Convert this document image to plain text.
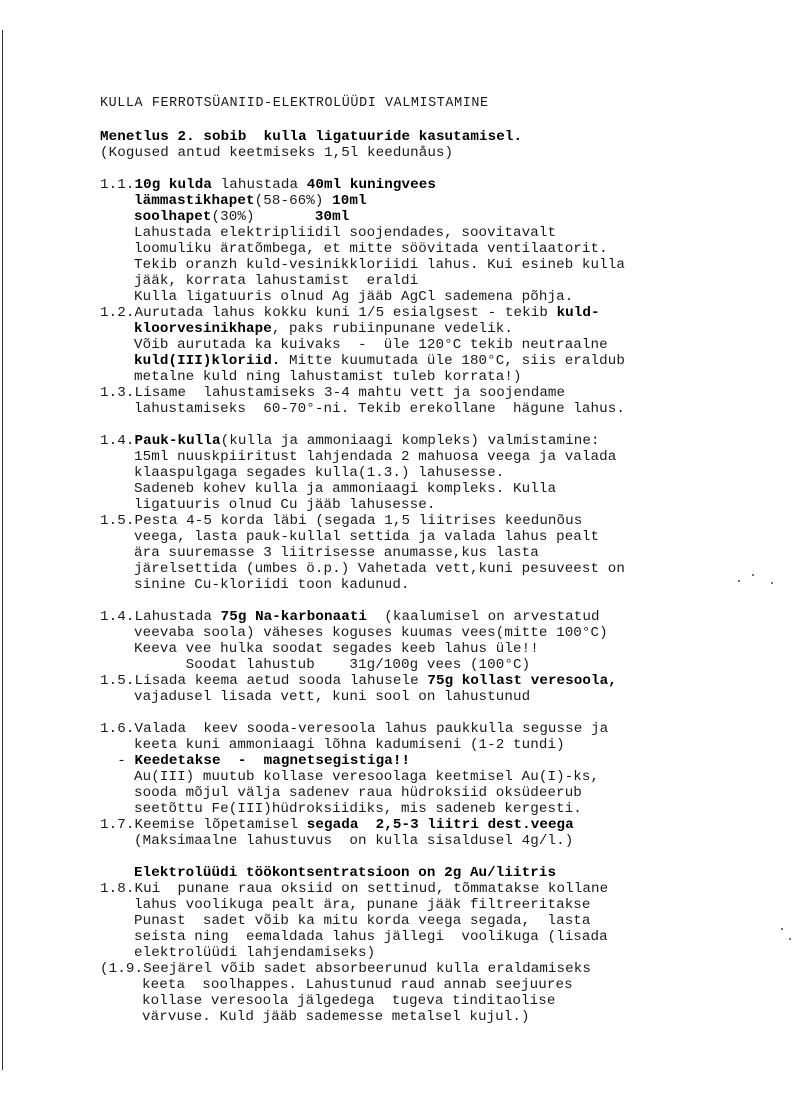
KULLA FERROTSÜANIID-ELEKTROLÜÜDI VALMISTAMINE
Menetlus 2. sobib  kulla ligatuuride kasutamisel.
(Kogused antud keetmiseks 1,5l keedunåus)
1.1.10g kulda lahustada 40ml kuningvees
lämmastikhapet(58-66%) 10ml
soolhapet(30%)       30ml
Lahustada elektripliidil soojendades, soovitavalt
loomuliku äratõmbega, et mitte söövitada ventilaatorit.
Tekib oranzh kuld-vesinikkloriidi lahus. Kui esineb kulla
jääk, korrata lahustamist  eraldi
Kulla ligatuuris olnud Ag jääb AgCl sademena põhja.
1.2.Aurutada lahus kokku kuni 1/5 esialgsest - tekib kuld-
kloorvesinikhape, paks rubiinpunane vedelik.
Võib aurutada ka kuivaks  -  üle 120°C tekib neutraalne
kuld(III)kloriid. Mitte kuumutada üle 180°C, siis eraldub
metalne kuld ning lahustamist tuleb korrata!)
1.3.Lisame  lahustamiseks 3-4 mahtu vett ja soojendame
lahustamiseks  60-70°-ni. Tekib erekollane  hägune lahus.
1.4.Pauk-kulla(kulla ja ammoniaagi kompleks) valmistamine:
15ml nuuskpiiritust lahjendada 2 mahuosa veega ja valada
klaaspulgaga segades kulla(1.3.) lahusesse.
Sadeneb kohev kulla ja ammoniaagi kompleks. Kulla
ligatuuris olnud Cu jääb lahusesse.
1.5.Pesta 4-5 korda läbi (segada 1,5 liitrises keedunõus
veega, lasta pauk-kullal settida ja valada lahus pealt
ära suuremasse 3 liitrisesse anumasse,kus lasta
järelsettida (umbes ö.p.) Vahetada vett,kuni pesuveest on
sinine Cu-kloriidi toon kadunud.
1.4.Lahustada 75g Na-karbonaati  (kaalumisel on arvestatud
veevaba soola) väheses koguses kuumas vees(mitte 100°C)
Keeva vee hulka soodat segades keeb lahus üle!!
Soodat lahustub    31g/100g vees (100°C)
1.5.Lisada keema aetud sooda lahusele 75g kollast veresoola,
vajadusel lisada vett, kuni sool on lahustunud
1.6.Valada  keev sooda-veresoola lahus paukkulla segusse ja
keeta kuni ammoniaagi lõhna kadumiseni (1-2 tundi)
- Keedetakse  -  magnetsegistiga!!
Au(III) muutub kollase veresoolaga keetmisel Au(I)-ks,
sooda mõjul välja sadenev raua hüdroksiid oksüdeerub
seetõttu Fe(III)hüdroksiidiks, mis sadeneb kergesti.
1.7.Keemise lõpetamisel segada  2,5-3 liitri dest.veega
(Maksimaalne lahustuvus  on kulla sisaldusel 4g/l.)
Elektrolüüdi töökontsentratsioon on 2g Au/liitris
1.8.Kui  punane raua oksiid on settinud, tõmmatakse kollane
lahus voolikuga pealt ära, punane jääk filtreeritakse
Punast  sadet võib ka mitu korda veega segada,  lasta
seista ning  eemaldada lahus jällegi  voolikuga (lisada
elektrolüüdi lahjendamiseks)
(1.9.Seejärel võib sadet absorbeerunud kulla eraldamiseks
keeta  soolhappes. Lahustunud raud annab seejuures
kollase veresoola jälgedega  tugeva tinditaolise
värvuse. Kuld jääb sademesse metalsel kujul.)
